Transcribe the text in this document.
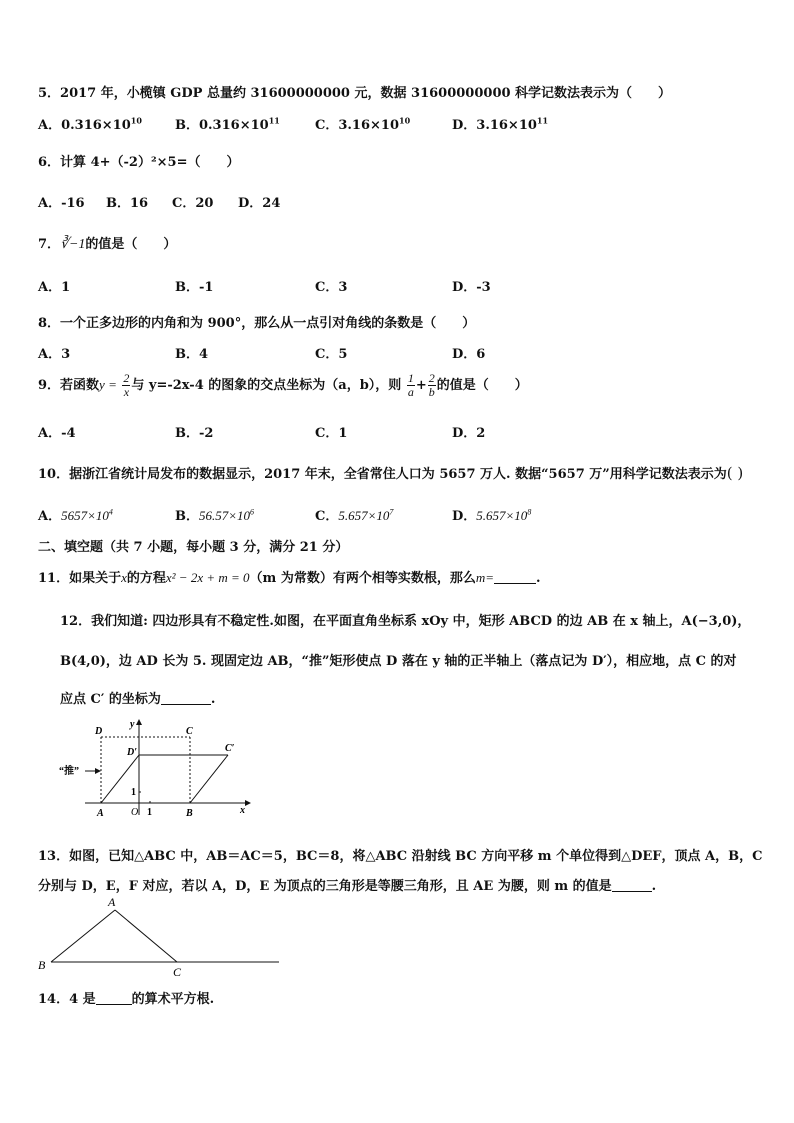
5．2017 年，小榄镇 GDP 总量约 31600000000 元，数据 31600000000 科学记数法表示为（　　）
A．$0.316\times 10^{10}$	B．$0.316\times 10^{11}$	C．$3.16\times 10^{10}$	D．$3.16\times 10^{11}$
6．计算 4+（-2）²×5=（　　）
A．-16 B．16 C．20 D．24
7．∛−1的值是（　　）
A．1	B．-1	C．3	D．-3
8．一个正多边形的内角和为 900°，那么从一点引对角线的条数是（　　）
A．3	B．4	C．5	D．6
9．若函数$y = \frac{2}{x}$ 与 y=-2x-4 的图象的交点坐标为（a，b），则 $\frac{1}{a} + \frac{2}{b}$ 的值是（　　）
A．-4	B．-2	C．1	D．2
10．据浙江省统计局发布的数据显示，2017 年末，全省常住人口为 5657 万人. 数据“5657 万”用科学记数法表示为( )
A．$5657\times 10^4$	B．$56.57\times 10^6$	C．$5.657\times 10^7$	D．$5.657\times 10^8$
二、填空题（共 7 小题，每小题 3 分，满分 21 分）
11．如果关于x的方程x² − 2x + m = 0（m 为常数）有两个相等实数根，那么m=	.
12．我们知道: 四边形具有不稳定性.如图，在平面直角坐标系 xOy 中，矩形 ABCD 的边 AB 在 x 轴上，A(−3,0)，
B(4,0)，边 AD 长为 5. 现固定边 AB，“推”矩形使点 D 落在 y 轴的正半轴上（落点记为 D′），相应地，点 C 的对
应点 C′ 的坐标为	.
“推”
D	C
D′	C′
y
x
O 1
1
A	B
13．如图，已知△ABC 中，AB＝AC＝5，BC＝8，将△ABC 沿射线 BC 方向平移 m 个单位得到△DEF，顶点 A，B，C
分别与 D，E，F 对应，若以 A，D，E 为顶点的三角形是等腰三角形，且 AE 为腰，则 m 的值是	.
A
B	C
14．4 是	的算术平方根.
